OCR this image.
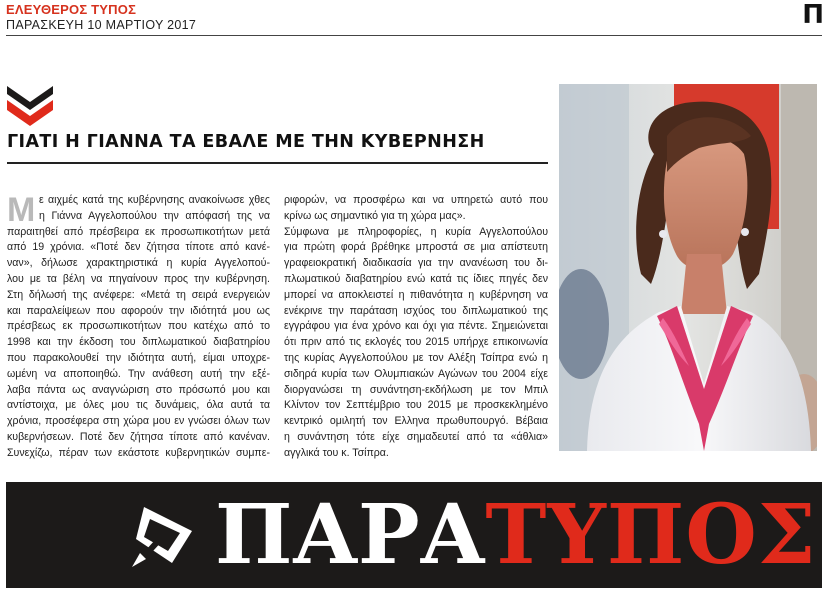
ΕΛΕΥΘΕΡΟΣ ΤΥΠΟΣ
ΠΑΡΑΣΚΕΥΗ 10 ΜΑΡΤΙΟΥ 2017	Π
ΓΙΑΤΙ Η ΓΙΑΝΝΑ ΤΑ ΕΒΑΛΕ ΜΕ ΤΗΝ ΚΥΒΕΡΝΗΣΗ
Μ ε αιχμές κατά της κυβέρνησης ανακοίνωσε χθες
η Γιάννα Αγγελοπούλου την απόφασή της να
παραιτηθεί από πρέσβειρα εκ προσωπικοτήτων μετά
από 19 χρόνια. «Ποτέ δεν ζήτησα τίποτε από κανέ-
ναν», δήλωσε χαρακτηριστικά η κυρία Αγγελοπού-
λου με τα βέλη να πηγαίνουν προς την κυβέρνηση.
Στη δήλωσή της ανέφερε: «Μετά τη σειρά ενεργειών
και παραλείψεων που αφορούν την ιδιότητά μου ως
πρέσβεως εκ προσωπικοτήτων που κατέχω από το
1998 και την έκδοση του διπλωματικού διαβατηρίου
που παρακολουθεί την ιδιότητα αυτή, είμαι υποχρε-
ωμένη να αποποιηθώ. Την ανάθεση αυτή την εξέ-
λαβα πάντα ως αναγνώριση στο πρόσωπό μου και
αντίστοιχα, με όλες μου τις δυνάμεις, όλα αυτά τα
χρόνια, προσέφερα στη χώρα μου εν γνώσει όλων των
κυβερνήσεων. Ποτέ δεν ζήτησα τίποτε από κανέναν.
Συνεχίζω, πέραν των εκάστοτε κυβερνητικών συμπε-
ριφορών, να προσφέρω και να υπηρετώ αυτό που
κρίνω ως σημαντικό για τη χώρα μας».
Σύμφωνα με πληροφορίες, η κυρία Αγγελοπούλου
για πρώτη φορά βρέθηκε μπροστά σε μια απίστευτη
γραφειοκρατική διαδικασία για την ανανέωση του δι-
πλωματικού διαβατηρίου ενώ κατά τις ίδιες πηγές δεν
μπορεί να αποκλειστεί η πιθανότητα η κυβέρνηση να
ενέκρινε την παράταση ισχύος του διπλωματικού της
εγγράφου για ένα χρόνο και όχι για πέντε. Σημειώνεται
ότι πριν από τις εκλογές του 2015 υπήρχε επικοινωνία
της κυρίας Αγγελοπούλου με τον Αλέξη Τσίπρα ενώ η
σιδηρά κυρία των Ολυμπιακών Αγώνων του 2004 είχε
διοργανώσει τη συνάντηση-εκδήλωση με τον Μπιλ
Κλίντον τον Σεπτέμβριο του 2015 με προσκεκλημένο
κεντρικό ομιλητή τον Ελληνα πρωθυπουργό. Βέβαια
η συνάντηση τότε είχε σημαδευτεί από τα «άθλια»
αγγλικά του κ. Τσίπρα.
ΠΑΡΑΤΥΠΟΣ
